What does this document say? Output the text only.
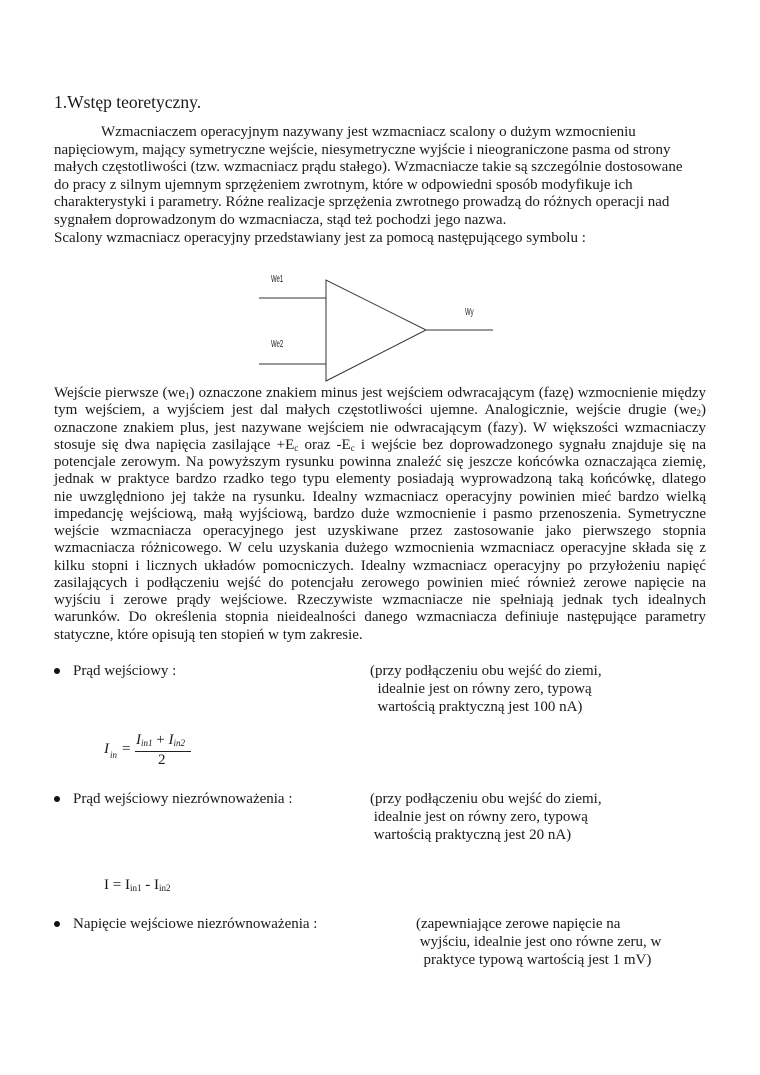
1.Wstęp teoretyczny.
Wzmacniaczem operacyjnym nazywany jest wzmacniacz scalony o dużym wzmocnieniu
napięciowym, mający symetryczne wejście, niesymetryczne wyjście i nieograniczone pasma od strony
małych częstotliwości (tzw. wzmacniacz prądu stałego). Wzmacniacze takie są szczególnie dostosowane
do pracy z silnym ujemnym sprzężeniem zwrotnym, które w odpowiedni sposób modyfikuje ich
charakterystyki i parametry. Różne realizacje sprzężenia zwrotnego prowadzą do różnych operacji nad
sygnałem doprowadzonym do wzmacniacza, stąd też pochodzi jego nazwa.
Scalony wzmacniacz operacyjny przedstawiany jest za pomocą następującego symbolu :
We1
We2
Wy
Wejście pierwsze $(we_1)$ oznaczone znakiem minus jest wejściem odwracającym (fazę) wzmocnienie między
tym wejściem, a wyjściem jest dal małych częstotliwości ujemne. Analogicznie, wejście drugie $(we_2)$
oznaczone znakiem plus, jest nazywane wejściem nie odwracającym (fazy). W większości wzmacniaczy
stosuje się dwa napięcia zasilające $+E_c$ oraz $-E_c$ i wejście bez doprowadzonego sygnału znajduje się na
potencjale zerowym. Na powyższym rysunku powinna znaleźć się jeszcze końcówka oznaczająca ziemię,
jednak w praktyce bardzo rzadko tego typu elementy posiadają wyprowadzoną taką końcówkę, dlatego
nie uwzględniono jej także na rysunku. Idealny wzmacniacz operacyjny powinien mieć bardzo wielką
impedancję wejściową, małą wyjściową, bardzo duże wzmocnienie i pasmo przenoszenia. Symetryczne
wejście wzmacniacza operacyjnego jest uzyskiwane przez zastosowanie jako pierwszego stopnia
wzmacniacza różnicowego. W celu uzyskania dużego wzmocnienia wzmacniacz operacyjne składa się z
kilku stopni i licznych układów pomocniczych. Idealny wzmacniacz operacyjny po przyłożeniu napięć
zasilających i podłączeniu wejść do potencjału zerowego powinien mieć również zerowe napięcie na
wyjściu i zerowe prądy wejściowe. Rzeczywiste wzmacniacze nie spełniają jednak tych idealnych
warunków. Do określenia stopnia nieidealności danego wzmacniacza definiuje następujące parametry
statyczne, które opisują ten stopień w tym zakresie.
Prąd wejściowy :	(przy podłączeniu obu wejść do ziemi,
idealnie jest on równy zero, typową
wartością praktyczną jest 100 nA)
I in =
$I_{in1} + I_{in2}$
2
Prąd wejściowy niezrównoważenia :	(przy podłączeniu obu wejść do ziemi,
idealnie jest on równy zero, typową
wartością praktyczną jest 20 nA)
$I = I_{in1} - I_{in2}$
Napięcie wejściowe niezrównoważenia :	(zapewniające zerowe napięcie na
wyjściu, idealnie jest ono równe zeru, w
praktyce typową wartością jest 1 mV)
